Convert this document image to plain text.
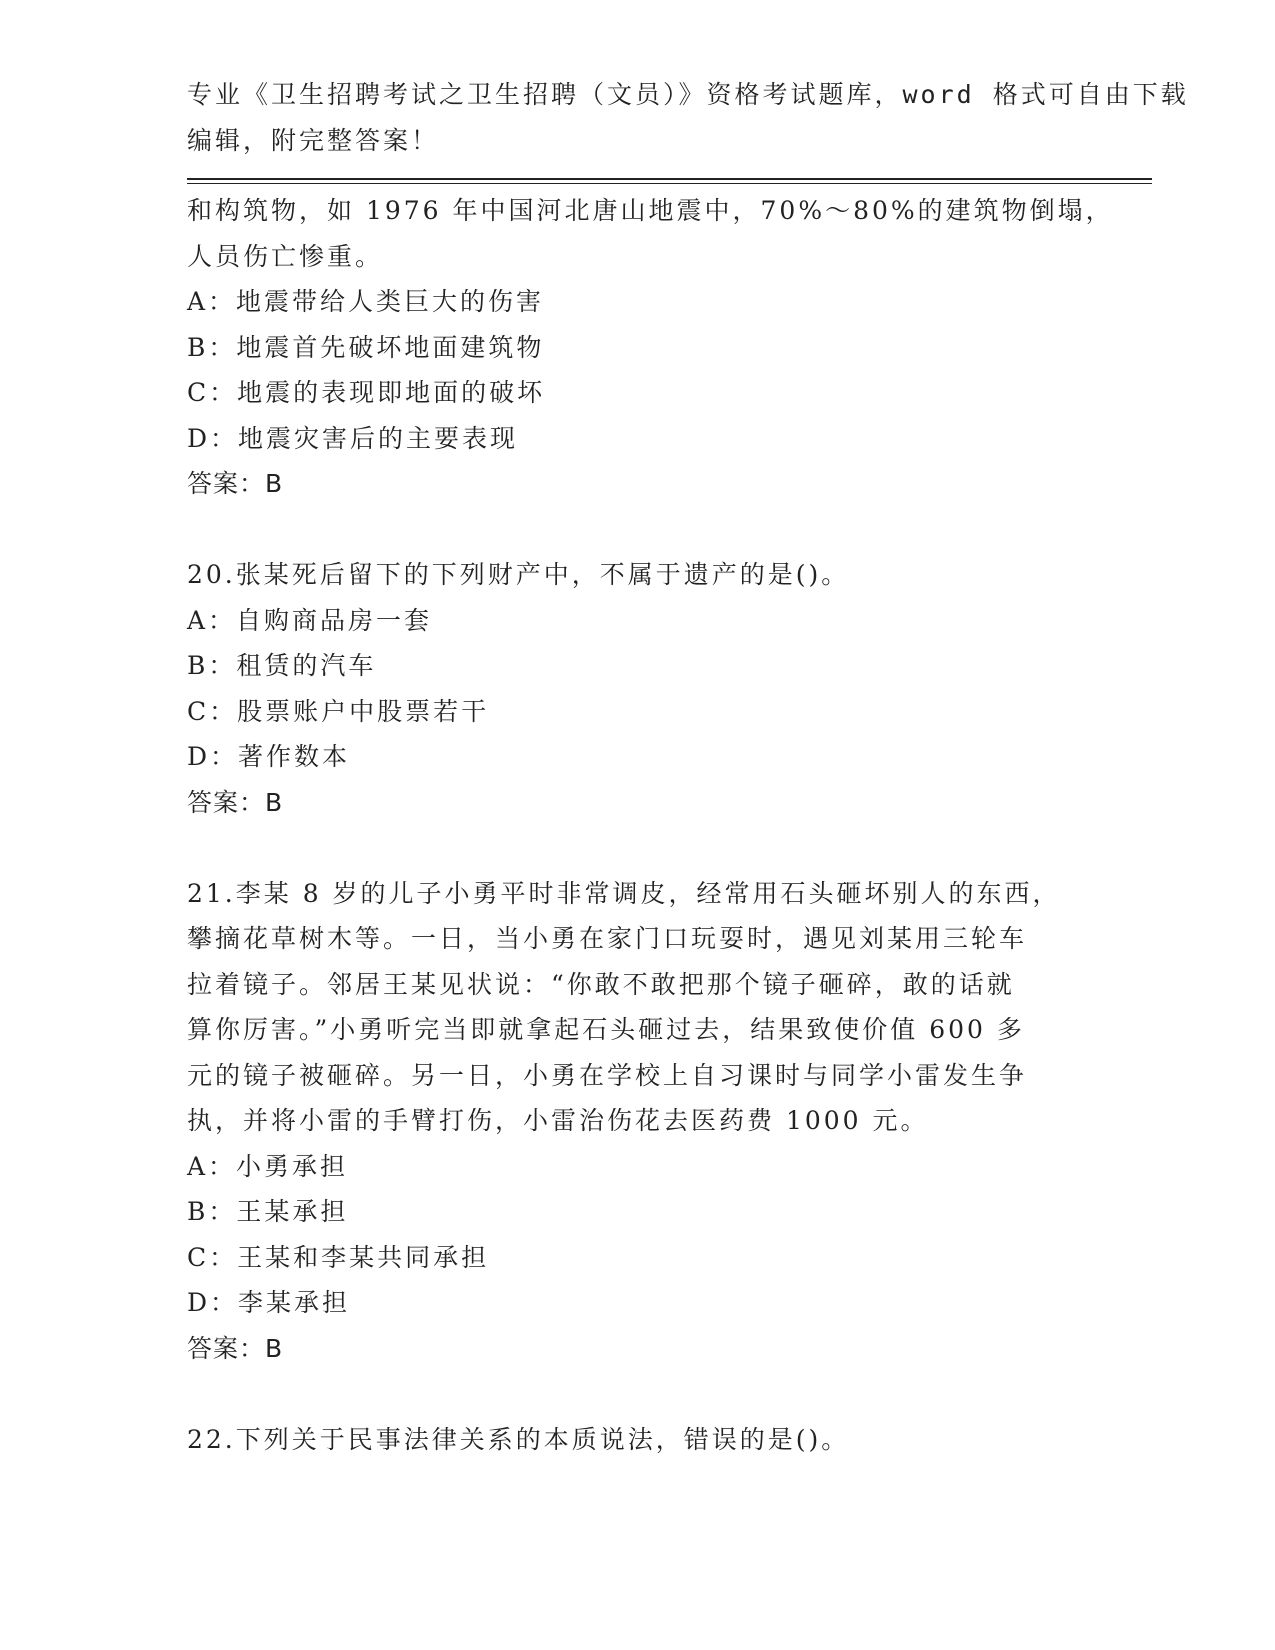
专业《卫生招聘考试之卫生招聘（文员）》资格考试题库，word 格式可自由下载
编辑，附完整答案！
和构筑物，如 1976 年中国河北唐山地震中，70%～80%的建筑物倒塌，
人员伤亡惨重。
A：地震带给人类巨大的伤害
B：地震首先破坏地面建筑物
C：地震的表现即地面的破坏
D：地震灾害后的主要表现
答案：B
20.张某死后留下的下列财产中，不属于遗产的是()。
A：自购商品房一套
B：租赁的汽车
C：股票账户中股票若干
D：著作数本
答案：B
21.李某 8 岁的儿子小勇平时非常调皮，经常用石头砸坏别人的东西，
攀摘花草树木等。一日，当小勇在家门口玩耍时，遇见刘某用三轮车
拉着镜子。邻居王某见状说：“你敢不敢把那个镜子砸碎，敢的话就
算你厉害。”小勇听完当即就拿起石头砸过去，结果致使价值 600 多
元的镜子被砸碎。另一日，小勇在学校上自习课时与同学小雷发生争
执，并将小雷的手臂打伤，小雷治伤花去医药费 1000 元。
A：小勇承担
B：王某承担
C：王某和李某共同承担
D：李某承担
答案：B
22.下列关于民事法律关系的本质说法，错误的是()。
